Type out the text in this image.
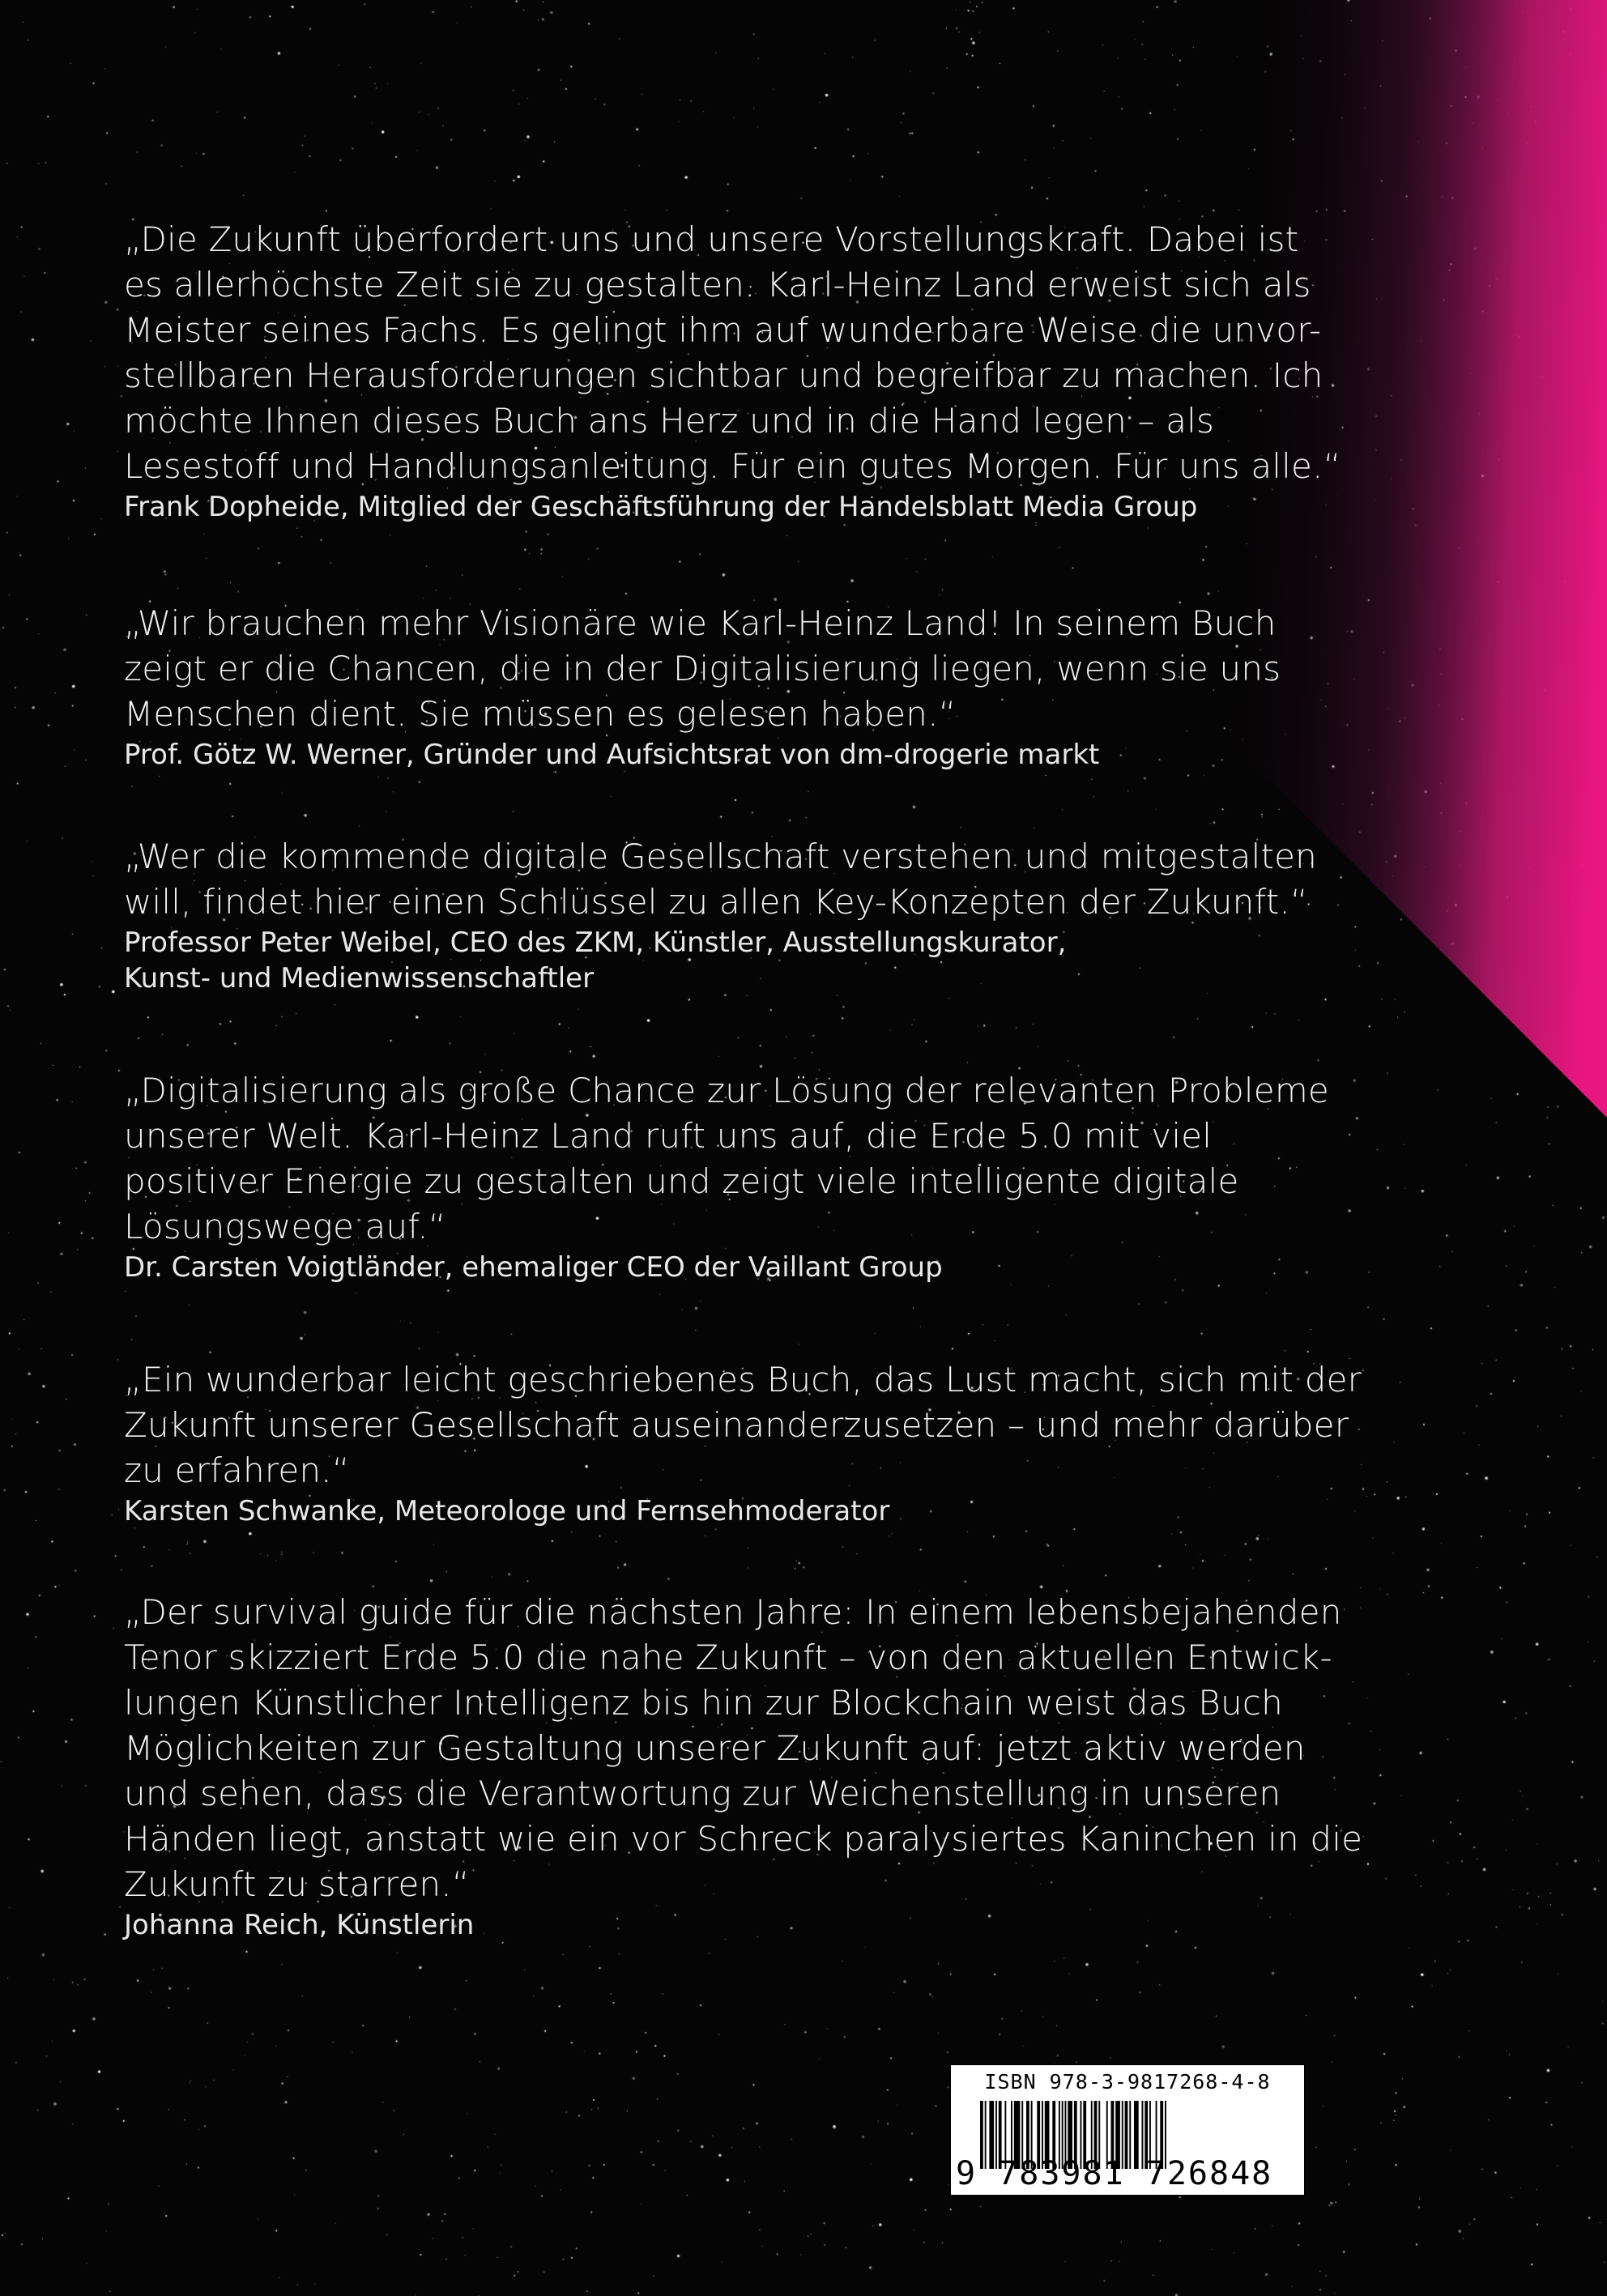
„Die Zukunft überfordert uns und unsere Vorstellungskraft. Dabei ist
es allerhöchste Zeit sie zu gestalten. Karl-Heinz Land erweist sich als
Meister seines Fachs. Es gelingt ihm auf wunderbare Weise die unvor-
stellbaren Herausforderungen sichtbar und begreifbar zu machen. Ich
möchte Ihnen dieses Buch ans Herz und in die Hand legen – als
Lesestoff und Handlungsanleitung. Für ein gutes Morgen. Für uns alle.“

Frank Dopheide, Mitglied der Geschäftsführung der Handelsblatt Media Group

„Wir brauchen mehr Visionäre wie Karl-Heinz Land! In seinem Buch
zeigt er die Chancen, die in der Digitalisierung liegen, wenn sie uns
Menschen dient. Sie müssen es gelesen haben.“

Prof. Götz W. Werner, Gründer und Aufsichtsrat von dm-drogerie markt

„Wer die kommende digitale Gesellschaft verstehen und mitgestalten
will, findet hier einen Schlüssel zu allen Key-Konzepten der Zukunft.“

Professor Peter Weibel, CEO des ZKM, Künstler, Ausstellungskurator,
Kunst- und Medienwissenschaftler

„Digitalisierung als große Chance zur Lösung der relevanten Probleme
unserer Welt. Karl-Heinz Land ruft uns auf, die Erde 5.0 mit viel
positiver Energie zu gestalten und zeigt viele intelligente digitale
Lösungswege auf.“

Dr. Carsten Voigtländer, ehemaliger CEO der Vaillant Group

„Ein wunderbar leicht geschriebenes Buch, das Lust macht, sich mit der
Zukunft unserer Gesellschaft auseinanderzusetzen – und mehr darüber
zu erfahren.“

Karsten Schwanke, Meteorologe und Fernsehmoderator

„Der survival guide für die nächsten Jahre: In einem lebensbejahenden
Tenor skizziert Erde 5.0 die nahe Zukunft – von den aktuellen Entwick-
lungen Künstlicher Intelligenz bis hin zur Blockchain weist das Buch
Möglichkeiten zur Gestaltung unserer Zukunft auf: jetzt aktiv werden
und sehen, dass die Verantwortung zur Weichenstellung in unseren
Händen liegt, anstatt wie ein vor Schreck paralysiertes Kaninchen in die
Zukunft zu starren.“

Johanna Reich, Künstlerin

ISBN 978-3-9817268-4-8
9 783981 726848
